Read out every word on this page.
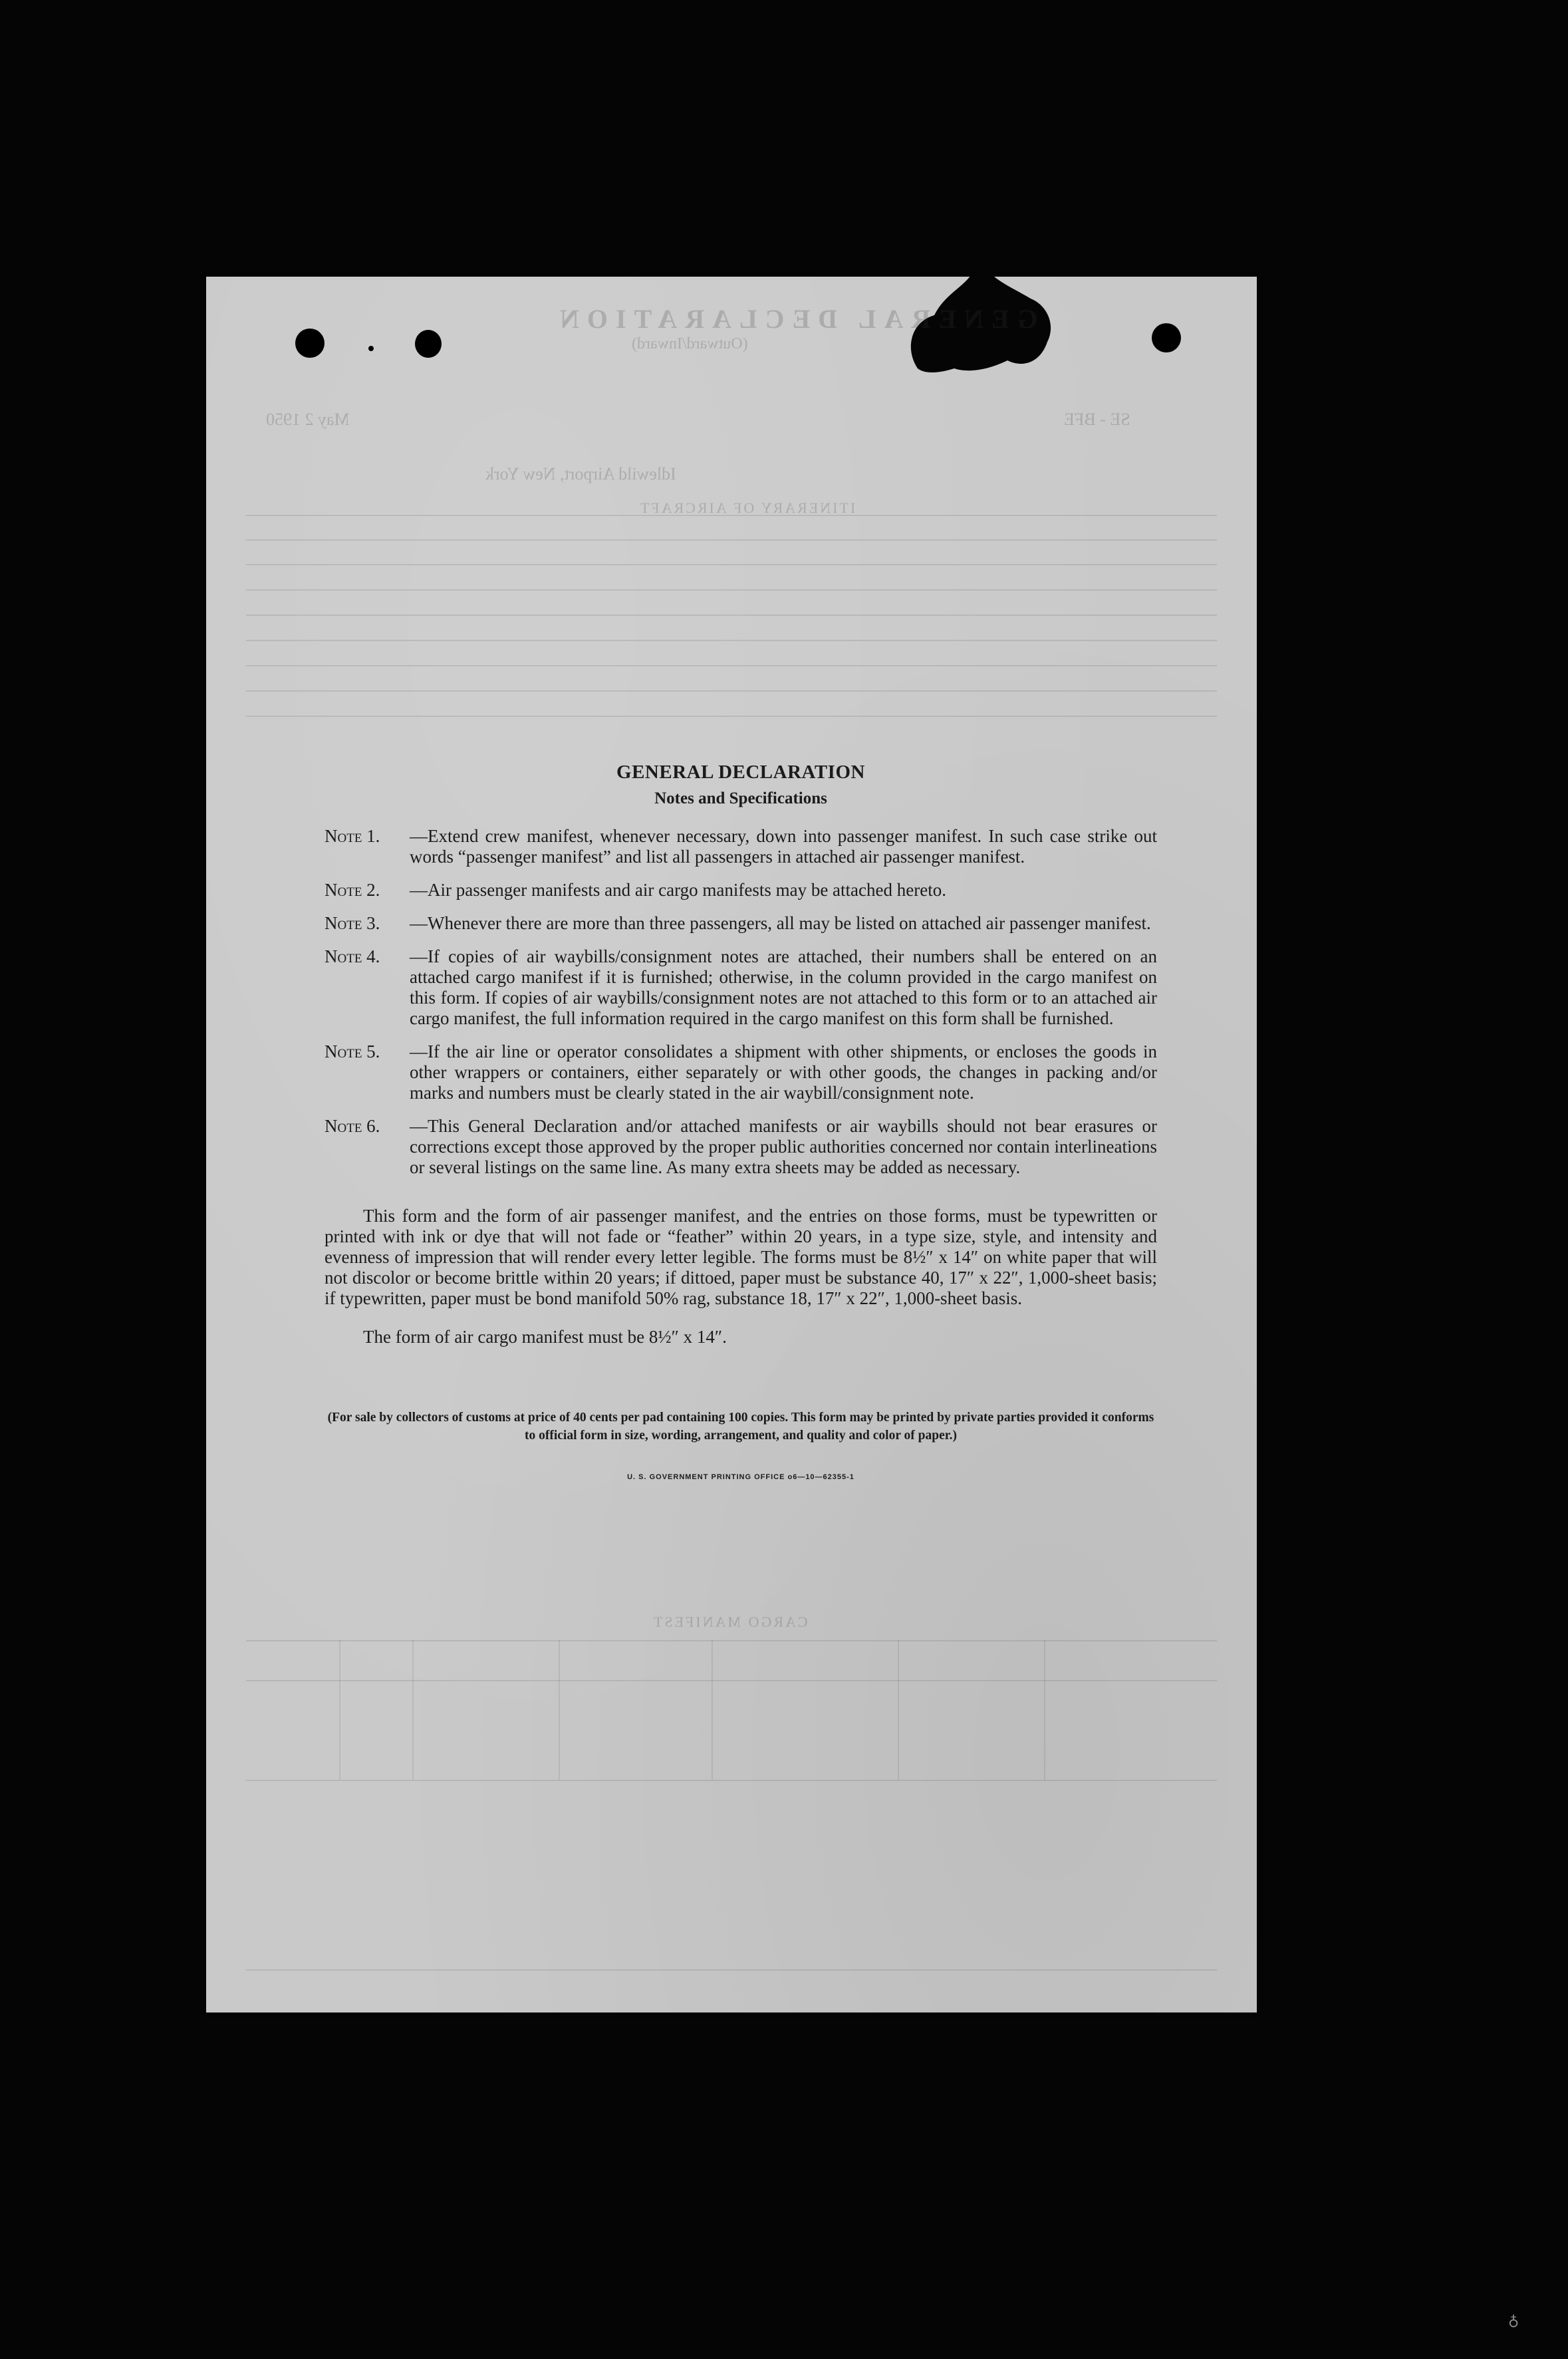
GENERAL DECLARATION
(Outward/Inward)
SE - BFE
May 2 1950
Idlewild Airport, New York
ITINERARY OF AIRCRAFT
CARGO MANIFEST
GENERAL DECLARATION
Notes and Specifications
Note 1.	—Extend crew manifest, whenever necessary, down into passenger manifest. In such case strike out words “passenger manifest” and list all passengers in attached air passenger manifest.
Note 2.	—Air passenger manifests and air cargo manifests may be attached hereto.
Note 3.	—Whenever there are more than three passengers, all may be listed on attached air passenger manifest.
Note 4.	—If copies of air waybills/consignment notes are attached, their numbers shall be entered on an attached cargo manifest if it is furnished; otherwise, in the column provided in the cargo manifest on this form. If copies of air waybills/consignment notes are not attached to this form or to an attached air cargo manifest, the full information required in the cargo manifest on this form shall be furnished.
Note 5.	—If the air line or operator consolidates a shipment with other shipments, or encloses the goods in other wrappers or containers, either separately or with other goods, the changes in packing and/or marks and numbers must be clearly stated in the air waybill/consignment note.
Note 6.	—This General Declaration and/or attached manifests or air waybills should not bear erasures or corrections except those approved by the proper public authorities concerned nor contain interlineations or several listings on the same line. As many extra sheets may be added as necessary.

This form and the form of air passenger manifest, and the entries on those forms, must be typewritten or printed with ink or dye that will not fade or “feather” within 20 years, in a type size, style, and intensity and evenness of impression that will render every letter legible. The forms must be 8½″ x 14″ on white paper that will not discolor or become brittle within 20 years; if dittoed, paper must be substance 40, 17″ x 22″, 1,000-sheet basis; if typewritten, paper must be bond manifold 50% rag, substance 18, 17″ x 22″, 1,000-sheet basis.

The form of air cargo manifest must be 8½″ x 14″.

(For sale by collectors of customs at price of 40 cents per pad containing 100 copies. This form may be printed by private parties provided it conforms to official form in size, wording, arrangement, and quality and color of paper.)
U. S. GOVERNMENT PRINTING OFFICE o6—10—62355-1
♁
